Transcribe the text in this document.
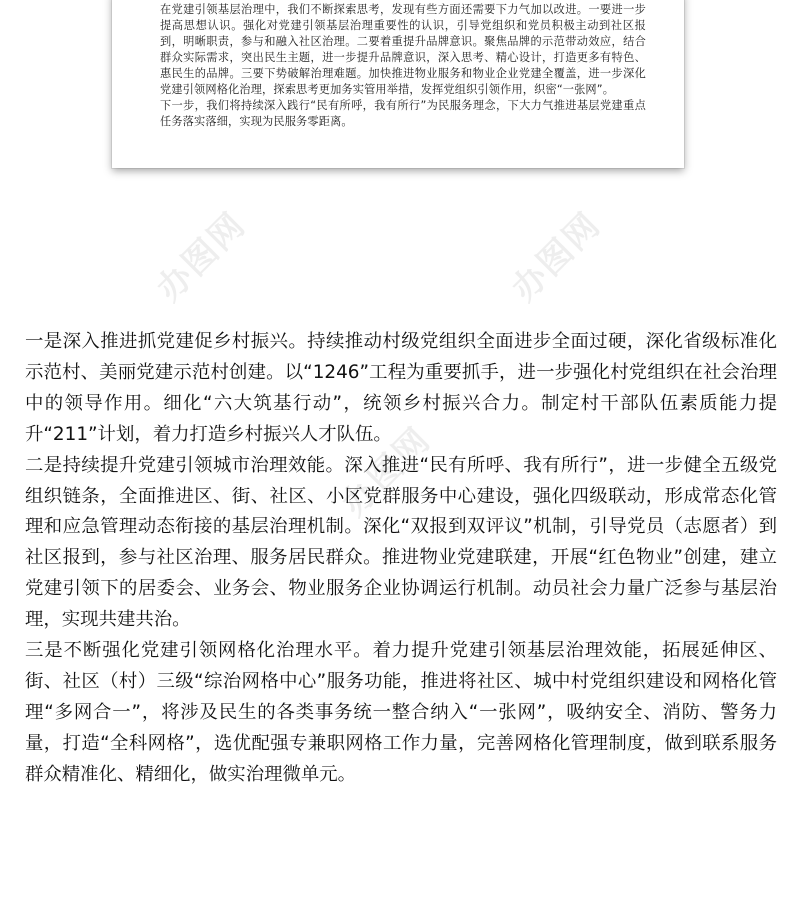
在党建引领基层治理中，我们不断探索思考，发现有些方面还需要下力气加以改进。一要进一步提高思想认识。强化对党建引领基层治理重要性的认识，引导党组织和党员积极主动到社区报到，明晰职责，参与和融入社区治理。二要着重提升品牌意识。聚焦品牌的示范带动效应，结合群众实际需求，突出民生主题，进一步提升品牌意识，深入思考、精心设计，打造更多有特色、惠民生的品牌。三要下势破解治理难题。加快推进物业服务和物业企业党建全覆盖，进一步深化党建引领网格化治理，探索思考更加务实管用举措，发挥党组织引领作用，织密“一张网”。

下一步，我们将持续深入践行“民有所呼，我有所行”为民服务理念，下大力气推进基层党建重点任务落实落细，实现为民服务零距离。

办图网	办图网
办图网

一是深入推进抓党建促乡村振兴。持续推动村级党组织全面进步全面过硬，深化省级标准化示范村、美丽党建示范村创建。以“1246”工程为重要抓手，进一步强化村党组织在社会治理中的领导作用。细化“六大筑基行动”，统领乡村振兴合力。制定村干部队伍素质能力提升“211”计划，着力打造乡村振兴人才队伍。

二是持续提升党建引领城市治理效能。深入推进“民有所呼、我有所行”，进一步健全五级党组织链条，全面推进区、街、社区、小区党群服务中心建设，强化四级联动，形成常态化管理和应急管理动态衔接的基层治理机制。深化“双报到双评议”机制，引导党员（志愿者）到社区报到，参与社区治理、服务居民群众。推进物业党建联建，开展“红色物业”创建，建立党建引领下的居委会、业务会、物业服务企业协调运行机制。动员社会力量广泛参与基层治理，实现共建共治。

三是不断强化党建引领网格化治理水平。着力提升党建引领基层治理效能，拓展延伸区、街、社区（村）三级“综治网格中心”服务功能，推进将社区、城中村党组织建设和网格化管理“多网合一”，将涉及民生的各类事务统一整合纳入“一张网”，吸纳安全、消防、警务力量，打造“全科网格”，选优配强专兼职网格工作力量，完善网格化管理制度，做到联系服务群众精准化、精细化，做实治理微单元。
